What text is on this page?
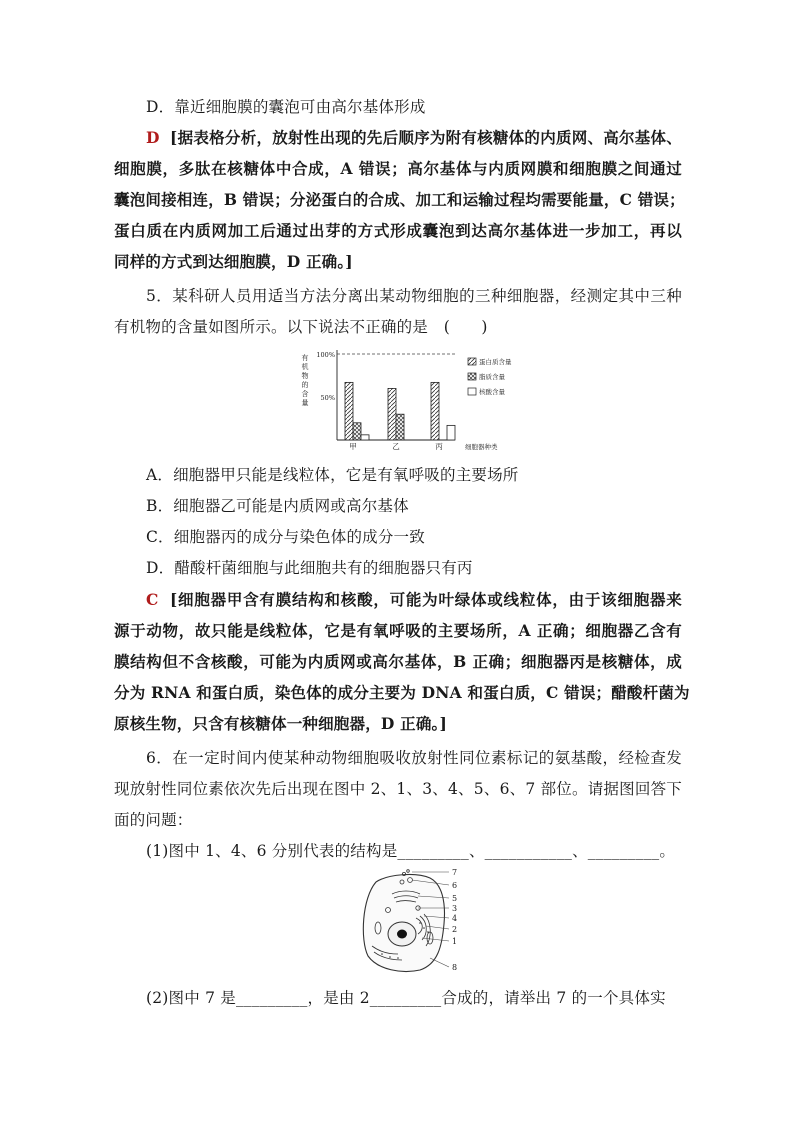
D．靠近细胞膜的囊泡可由高尔基体形成
D [据表格分析，放射性出现的先后顺序为附有核糖体的内质网、高尔基体、
细胞膜，多肽在核糖体中合成，A 错误；高尔基体与内质网膜和细胞膜之间通过
囊泡间接相连，B 错误；分泌蛋白的合成、加工和运输过程均需要能量，C 错误；
蛋白质在内质网加工后通过出芽的方式形成囊泡到达高尔基体进一步加工，再以
同样的方式到达细胞膜，D 正确。]
5．某科研人员用适当方法分离出某动物细胞的三种细胞器，经测定其中三种
有机物的含量如图所示。以下说法不正确的是　(　　)
有
机
物
的
含
量
100%
50%
甲	乙	丙	细胞器种类
蛋白质含量
脂质含量
核酸含量
A．细胞器甲只能是线粒体，它是有氧呼吸的主要场所
B．细胞器乙可能是内质网或高尔基体
C．细胞器丙的成分与染色体的成分一致
D．醋酸杆菌细胞与此细胞共有的细胞器只有丙
C [细胞器甲含有膜结构和核酸，可能为叶绿体或线粒体，由于该细胞器来
源于动物，故只能是线粒体，它是有氧呼吸的主要场所，A 正确；细胞器乙含有
膜结构但不含核酸，可能为内质网或高尔基体，B 正确；细胞器丙是核糖体，成
分为 RNA 和蛋白质，染色体的成分主要为 DNA 和蛋白质，C 错误；醋酸杆菌为
原核生物，只含有核糖体一种细胞器，D 正确。]
6．在一定时间内使某种动物细胞吸收放射性同位素标记的氨基酸，经检查发
现放射性同位素依次先后出现在图中 2、1、3、4、5、6、7 部位。请据图回答下
面的问题：
(1)图中 1、4、6 分别代表的结构是_________、___________、_________。
7
6
5
3
4
2
1
8
(2)图中 7 是_________，是由 2_________合成的，请举出 7 的一个具体实
